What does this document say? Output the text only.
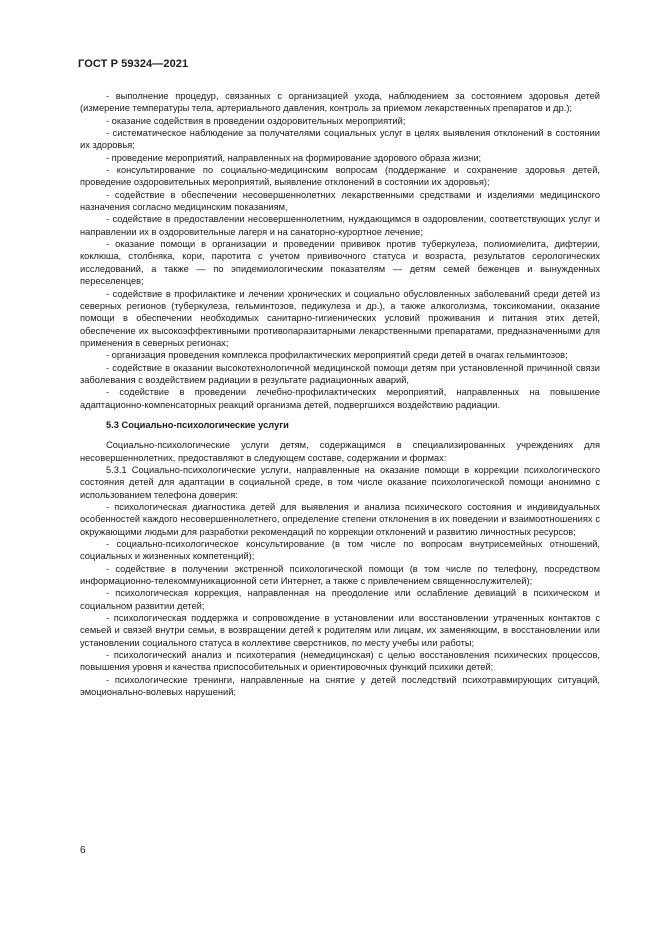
ГОСТ Р 59324—2021

- выполнение процедур, связанных с организацией ухода, наблюдением за состоянием здоровья детей (измерение температуры тела, артериального давления, контроль за приемом лекарственных препаратов и др.);

- оказание содействия в проведении оздоровительных мероприятий;

- систематическое наблюдение за получателями социальных услуг в целях выявления отклонений в состоянии их здоровья;

- проведение мероприятий, направленных на формирование здорового образа жизни;

- консультирование по социально-медицинским вопросам (поддержание и сохранение здоровья детей, проведение оздоровительных мероприятий, выявление отклонений в состоянии их здоровья);

- содействие в обеспечении несовершеннолетних лекарственными средствами и изделиями медицинского назначения согласно медицинским показаниям,

- содействие в предоставлении несовершеннолетним, нуждающимся в оздоровлении, соответствующих услуг и направлении их в оздоровительные лагеря и на санаторно-курортное лечение;

- оказание помощи в организации и проведении прививок против туберкулеза, полиомиелита, дифтерии, коклюша, столбняка, кори, паротита с учетом прививочного статуса и возраста, результатов серологических исследований, а также — по эпидемиологическим показателям — детям семей беженцев и вынужденных переселенцев;

- содействие в профилактике и лечении хронических и социально обусловленных заболеваний среди детей из северных регионов (туберкулеза, гельминтозов, педикулеза и др.), а также алкоголизма, токсикомании, оказание помощи в обеспечении необходимых санитарно-гигиенических условий проживания и питания этих детей, обеспечение их высокоэффективными противопаразитарными лекарственными препаратами, предназначенными для применения в северных регионах;

- организация проведения комплекса профилактических мероприятий среди детей в очагах гельминтозов;

- содействие в оказании высокотехнологичной медицинской помощи детям при установленной причинной связи заболевания с воздействием радиации в результате радиационных аварий,

- содействие в проведении лечебно-профилактических мероприятий, направленных на повышение адаптационно-компенсаторных реакций организма детей, подвергшихся воздействию радиации.

5.3 Социально-психологические услуги

Социально-психологические услуги детям, содержащимся в специализированных учреждениях для несовершеннолетних, предоставляют в следующем составе, содержании и формах:

5.3.1 Социально-психологические услуги, направленные на оказание помощи в коррекции психологического состояния детей для адаптации в социальной среде, в том числе оказание психологической помощи анонимно с использованием телефона доверия:

- психологическая диагностика детей для выявления и анализа психического состояния и индивидуальных особенностей каждого несовершеннолетнего, определение степени отклонения в их поведении и взаимоотношениях с окружающими людьми для разработки рекомендаций по коррекции отклонений и развитию личностных ресурсов;

- социально-психологическое консультирование (в том числе по вопросам внутрисемейных отношений, социальных и жизненных компетенций);

- содействие в получении экстренной психологической помощи (в том числе по телефону, посредством информационно-телекоммуникационной сети Интернет, а также с привлечением священнослужителей);

- психологическая коррекция, направленная на преодоление или ослабление девиаций в психическом и социальном развитии детей;

- психологическая поддержка и сопровождение в установлении или восстановлении утраченных контактов с семьей и связей внутри семьи, в возвращении детей к родителям или лицам, их заменяющим, в восстановлении или установлении социального статуса в коллективе сверстников, по месту учебы или работы;

- психологический анализ и психотерапия (немедицинская) с целью восстановления психических процессов, повышения уровня и качества приспособительных и ориентировочных функций психики детей;

- психологические тренинги, направленные на снятие у детей последствий психотравмирующих ситуаций, эмоционально-волевых нарушений;

6
